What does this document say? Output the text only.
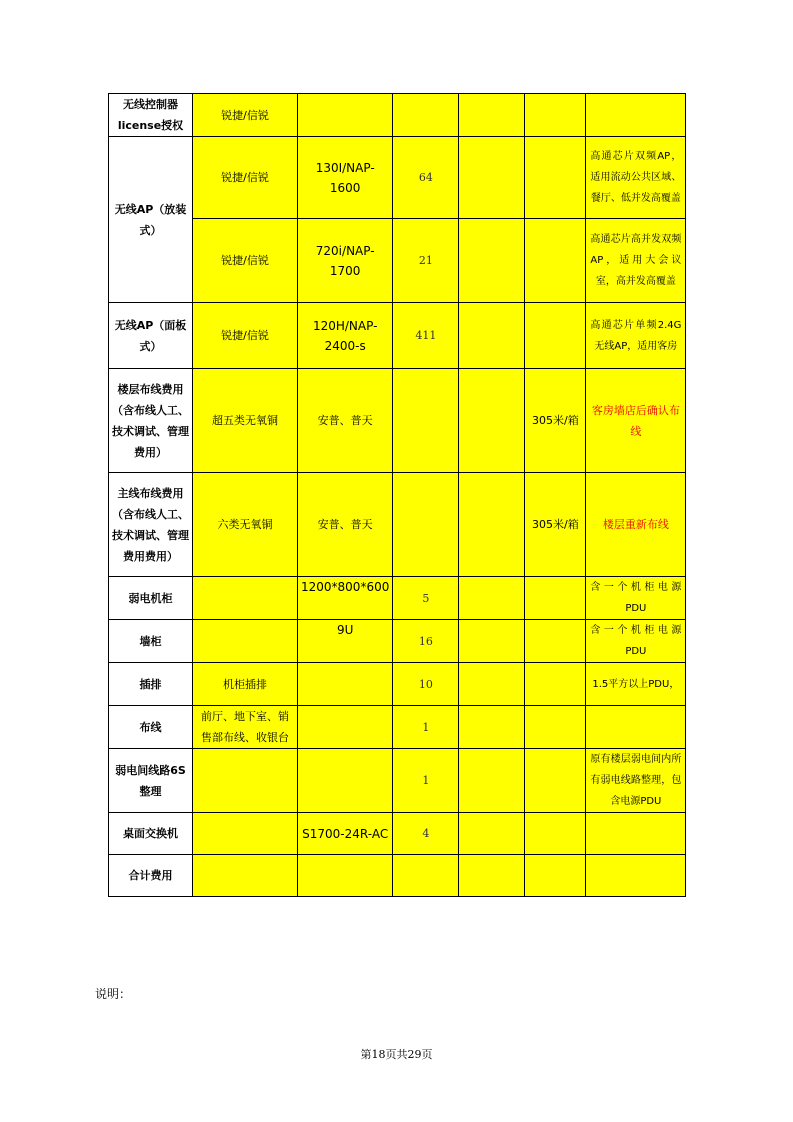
无线控制器license授权	锐捷/信锐					
无线AP（放装式）	锐捷/信锐	130I/NAP-1600	64			高通芯片双频AP，适用流动公共区域、餐厅、低并发高覆盖
	锐捷/信锐	720i/NAP-1700	21			高通芯片高并发双频AP，适用大会议室，高并发高覆盖
无线AP（面板式）	锐捷/信锐	120H/NAP-2400-s	411			高通芯片单频2.4G无线AP，适用客房
楼层布线费用（含布线人工、技术调试、管理费用）	超五类无氧铜	安普、普天			305米/箱	客房墙店后确认布线
主线布线费用（含布线人工、技术调试、管理费用费用）	六类无氧铜	安普、普天			305米/箱	楼层重新布线
弱电机柜		1200*800*600	5			含一个机柜电源PDU
墙柜		9U	16			含一个机柜电源PDU
插排	机柜插排		10			1.5平方以上PDU，
布线	前厅、地下室、销售部布线、收银台		1			
弱电间线路6S整理			1			原有楼层弱电间内所有弱电线路整理，包含电源PDU
桌面交换机		S1700-24R-AC	4			
合计费用						
说明：
第18页共29页
